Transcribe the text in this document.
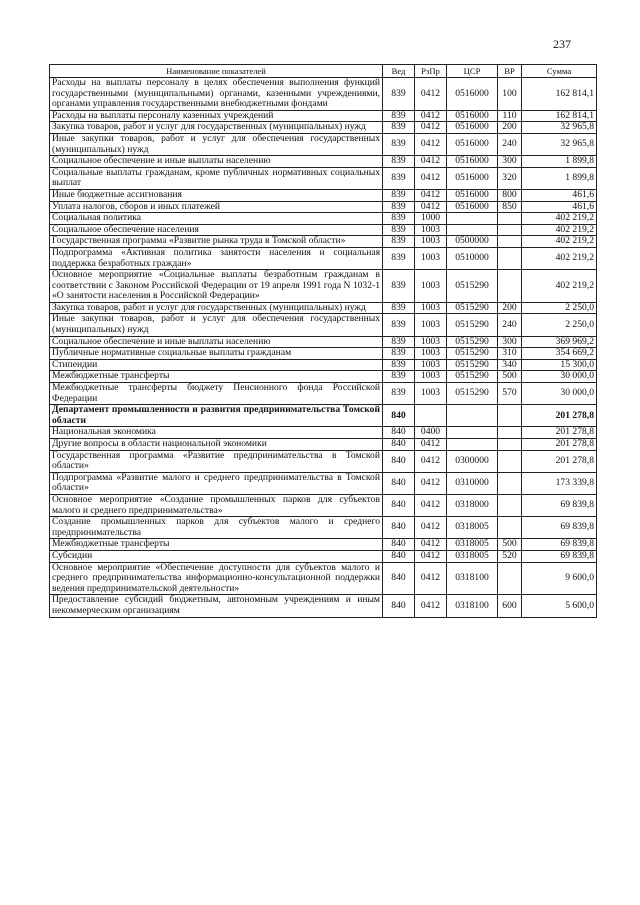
237
Наименование показателей	Вед	РзПр	ЦСР	ВР	Сумма
Расходы на выплаты персоналу в целях обеспечения выполнения функций государственными (муниципальными) органами, казенными учреждениями, органами управления государственными внебюджетными фондами	839	0412	0516000	100	162 814,1
Расходы на выплаты персоналу казенных учреждений	839	0412	0516000	110	162 814,1
Закупка товаров, работ и услуг для государственных (муниципальных) нужд	839	0412	0516000	200	32 965,8
Иные закупки товаров, работ и услуг для обеспечения государственных (муниципальных) нужд	839	0412	0516000	240	32 965,8
Социальное обеспечение и иные выплаты населению	839	0412	0516000	300	1 899,8
Социальные выплаты гражданам, кроме публичных нормативных социальных выплат	839	0412	0516000	320	1 899,8
Иные бюджетные ассигнования	839	0412	0516000	800	461,6
Уплата налогов, сборов и иных платежей	839	0412	0516000	850	461,6
Социальная политика	839	1000			402 219,2
Социальное обеспечение населения	839	1003			402 219,2
Государственная программа «Развитие рынка труда в Томской области»	839	1003	0500000		402 219,2
Подпрограмма «Активная политика занятости населения и социальная поддержка безработных граждан»	839	1003	0510000		402 219,2
Основное мероприятие «Социальные выплаты безработным гражданам в соответствии с Законом Российской Федерации от 19 апреля 1991 года N 1032-1 «О занятости населения в Российской Федерации»	839	1003	0515290		402 219,2
Закупка товаров, работ и услуг для государственных (муниципальных) нужд	839	1003	0515290	200	2 250,0
Иные закупки товаров, работ и услуг для обеспечения государственных (муниципальных) нужд	839	1003	0515290	240	2 250,0
Социальное обеспечение и иные выплаты населению	839	1003	0515290	300	369 969,2
Публичные нормативные социальные выплаты гражданам	839	1003	0515290	310	354 669,2
Стипендии	839	1003	0515290	340	15 300,0
Межбюджетные трансферты	839	1003	0515290	500	30 000,0
Межбюджетные трансферты бюджету Пенсионного фонда Российской Федерации	839	1003	0515290	570	30 000,0
Департамент промышленности и развития предпринимательства Томской области	840				201 278,8
Национальная экономика	840	0400			201 278,8
Другие вопросы в области национальной экономики	840	0412			201 278,8
Государственная программа «Развитие предпринимательства в Томской области»	840	0412	0300000		201 278,8
Подпрограмма «Развитие малого и среднего предпринимательства в Томской области»	840	0412	0310000		173 339,8
Основное мероприятие «Создание промышленных парков для субъектов малого и среднего предпринимательства»	840	0412	0318000		69 839,8
Создание промышленных парков для субъектов малого и среднего предпринимательства	840	0412	0318005		69 839,8
Межбюджетные трансферты	840	0412	0318005	500	69 839,8
Субсидии	840	0412	0318005	520	69 839,8
Основное мероприятие «Обеспечение доступности для субъектов малого и среднего предпринимательства информационно-консультационной поддержки ведения предпринимательской деятельности»	840	0412	0318100		9 600,0
Предоставление субсидий бюджетным, автономным учреждениям и иным некоммерческим организациям	840	0412	0318100	600	5 600,0
